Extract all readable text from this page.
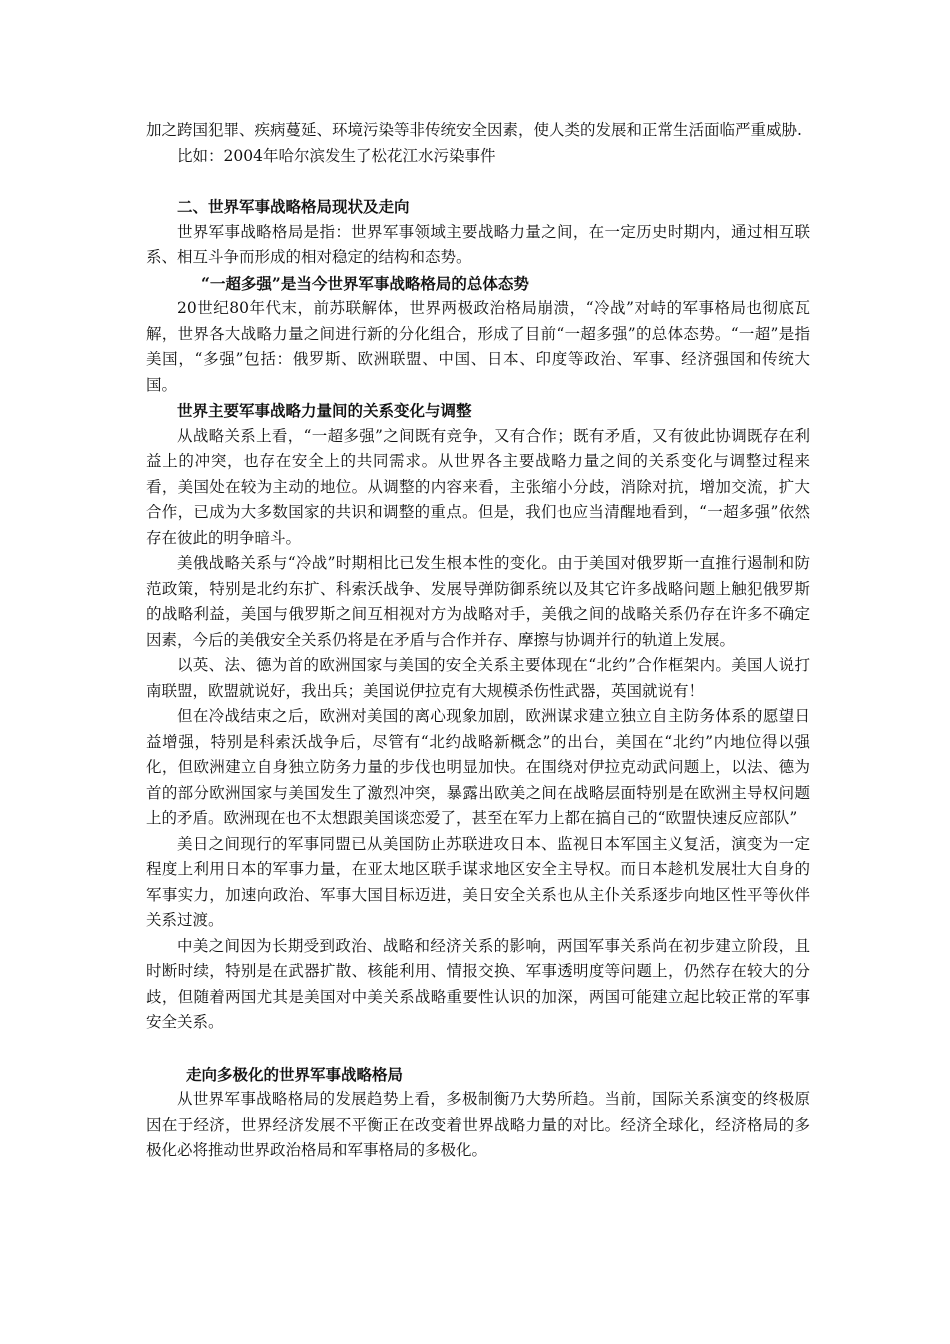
加之跨国犯罪、疾病蔓延、环境污染等非传统安全因素，使人类的发展和正常生活面临严重威胁.

比如：2004年哈尔滨发生了松花江水污染事件

二、世界军事战略格局现状及走向

世界军事战略格局是指：世界军事领域主要战略力量之间，在一定历史时期内，通过相互联系、相互斗争而形成的相对稳定的结构和态势。

“一超多强”是当今世界军事战略格局的总体态势

20世纪80年代末，前苏联解体，世界两极政治格局崩溃，“冷战”对峙的军事格局也彻底瓦解，世界各大战略力量之间进行新的分化组合，形成了目前“一超多强”的总体态势。“一超”是指美国，“多强”包括：俄罗斯、欧洲联盟、中国、日本、印度等政治、军事、经济强国和传统大国。

世界主要军事战略力量间的关系变化与调整

从战略关系上看，“一超多强”之间既有竞争，又有合作；既有矛盾，又有彼此协调既存在利益上的冲突，也存在安全上的共同需求。从世界各主要战略力量之间的关系变化与调整过程来看，美国处在较为主动的地位。从调整的内容来看，主张缩小分歧，消除对抗，增加交流，扩大合作，已成为大多数国家的共识和调整的重点。但是，我们也应当清醒地看到，“一超多强”依然存在彼此的明争暗斗。

美俄战略关系与“冷战”时期相比已发生根本性的变化。由于美国对俄罗斯一直推行遏制和防范政策，特别是北约东扩、科索沃战争、发展导弹防御系统以及其它许多战略问题上触犯俄罗斯的战略利益，美国与俄罗斯之间互相视对方为战略对手，美俄之间的战略关系仍存在许多不确定因素，今后的美俄安全关系仍将是在矛盾与合作并存、摩擦与协调并行的轨道上发展。

以英、法、德为首的欧洲国家与美国的安全关系主要体现在“北约”合作框架内。美国人说打南联盟，欧盟就说好，我出兵；美国说伊拉克有大规模杀伤性武器，英国就说有！

但在冷战结束之后，欧洲对美国的离心现象加剧，欧洲谋求建立独立自主防务体系的愿望日益增强，特别是科索沃战争后，尽管有“北约战略新概念”的出台，美国在“北约”内地位得以强化，但欧洲建立自身独立防务力量的步伐也明显加快。在围绕对伊拉克动武问题上，以法、德为首的部分欧洲国家与美国发生了激烈冲突，暴露出欧美之间在战略层面特别是在欧洲主导权问题上的矛盾。欧洲现在也不太想跟美国谈恋爱了，甚至在军力上都在搞自己的“欧盟快速反应部队”

美日之间现行的军事同盟已从美国防止苏联进攻日本、监视日本军国主义复活，演变为一定程度上利用日本的军事力量，在亚太地区联手谋求地区安全主导权。而日本趁机发展壮大自身的军事实力，加速向政治、军事大国目标迈进，美日安全关系也从主仆关系逐步向地区性平等伙伴关系过渡。

中美之间因为长期受到政治、战略和经济关系的影响，两国军事关系尚在初步建立阶段，且时断时续，特别是在武器扩散、核能利用、情报交换、军事透明度等问题上，仍然存在较大的分歧，但随着两国尤其是美国对中美关系战略重要性认识的加深，两国可能建立起比较正常的军事安全关系。

走向多极化的世界军事战略格局

从世界军事战略格局的发展趋势上看，多极制衡乃大势所趋。当前，国际关系演变的终极原因在于经济，世界经济发展不平衡正在改变着世界战略力量的对比。经济全球化，经济格局的多极化必将推动世界政治格局和军事格局的多极化。
